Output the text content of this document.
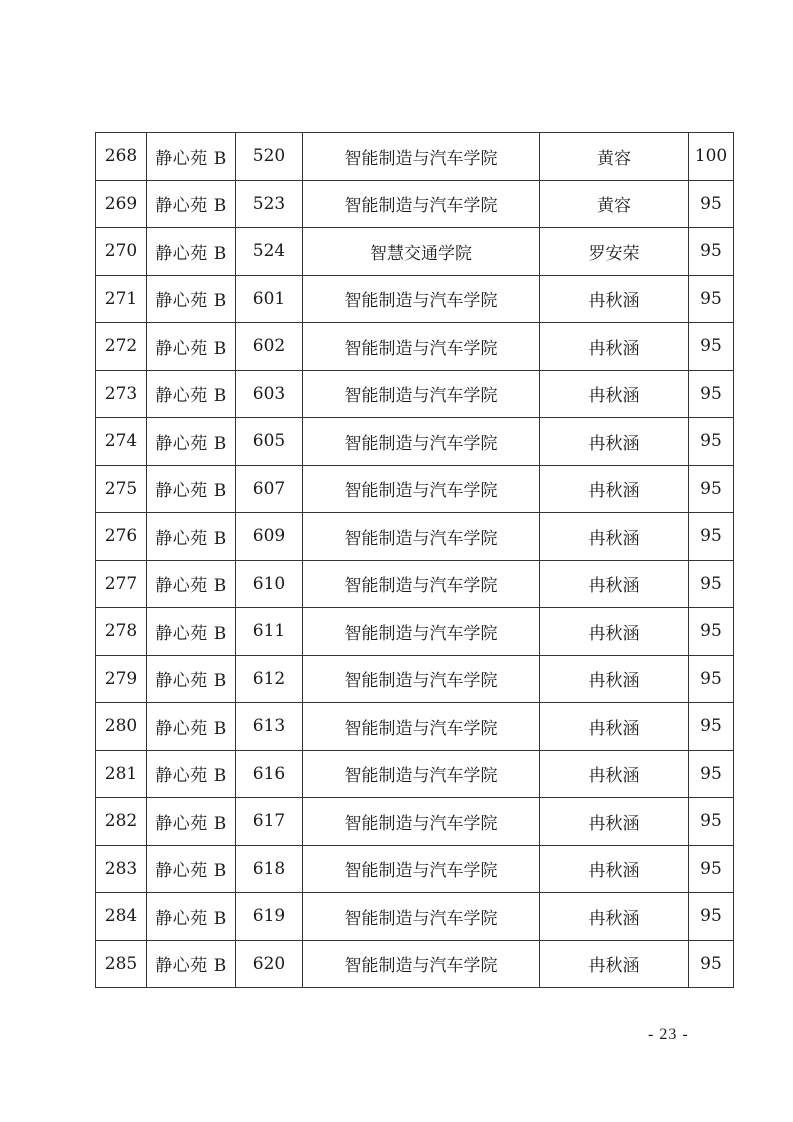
268	静心苑 B	520	智能制造与汽车学院	黄容	100
269	静心苑 B	523	智能制造与汽车学院	黄容	95
270	静心苑 B	524	智慧交通学院	罗安荣	95
271	静心苑 B	601	智能制造与汽车学院	冉秋涵	95
272	静心苑 B	602	智能制造与汽车学院	冉秋涵	95
273	静心苑 B	603	智能制造与汽车学院	冉秋涵	95
274	静心苑 B	605	智能制造与汽车学院	冉秋涵	95
275	静心苑 B	607	智能制造与汽车学院	冉秋涵	95
276	静心苑 B	609	智能制造与汽车学院	冉秋涵	95
277	静心苑 B	610	智能制造与汽车学院	冉秋涵	95
278	静心苑 B	611	智能制造与汽车学院	冉秋涵	95
279	静心苑 B	612	智能制造与汽车学院	冉秋涵	95
280	静心苑 B	613	智能制造与汽车学院	冉秋涵	95
281	静心苑 B	616	智能制造与汽车学院	冉秋涵	95
282	静心苑 B	617	智能制造与汽车学院	冉秋涵	95
283	静心苑 B	618	智能制造与汽车学院	冉秋涵	95
284	静心苑 B	619	智能制造与汽车学院	冉秋涵	95
285	静心苑 B	620	智能制造与汽车学院	冉秋涵	95
- 23 -
